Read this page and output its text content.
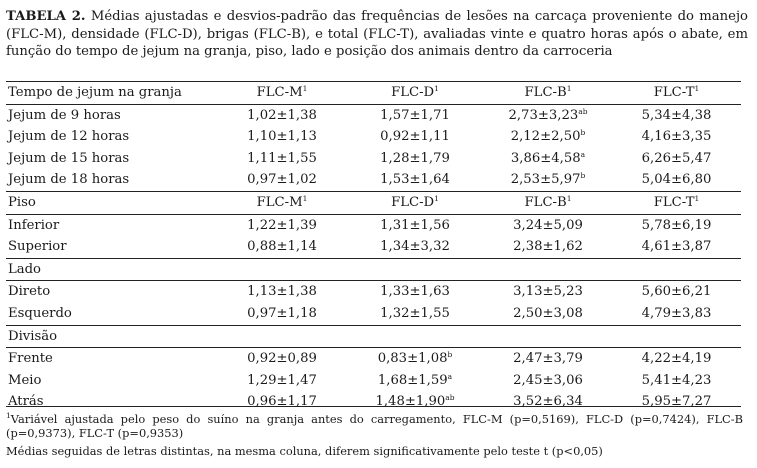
TABELA 2. Médias ajustadas e desvios-padrão das frequências de lesões na carcaça proveniente do manejo (FLC-M), densidade (FLC-D), brigas (FLC-B), e total (FLC-T), avaliadas vinte e quatro horas após o abate, em função do tempo de jejum na granja, piso, lado e posição dos animais dentro da carroceria
Tempo de jejum na granja	FLC-$M^1$	FLC-$D^1$	FLC-$B^1$	FLC-$T^1$
Jejum de 9 horas	1,02±1,38	1,57±1,71	2,73±3,23$^{ab}$	5,34±4,38
Jejum de 12 horas	1,10±1,13	0,92±1,11	2,12±2,50$^b$	4,16±3,35
Jejum de 15 horas	1,11±1,55	1,28±1,79	3,86±4,58$^a$	6,26±5,47
Jejum de 18 horas	0,97±1,02	1,53±1,64	2,53±5,97$^b$	5,04±6,80
Piso	FLC-$M^1$	FLC-$D^1$	FLC-$B^1$	FLC-$T^1$
Inferior	1,22±1,39	1,31±1,56	3,24±5,09	5,78±6,19
Superior	0,88±1,14	1,34±3,32	2,38±1,62	4,61±3,87
Lado				
Direto	1,13±1,38	1,33±1,63	3,13±5,23	5,60±6,21
Esquerdo	0,97±1,18	1,32±1,55	2,50±3,08	4,79±3,83
Divisão				
Frente	0,92±0,89	0,83±1,08$^b$	2,47±3,79	4,22±4,19
Meio	1,29±1,47	1,68±1,59$^a$	2,45±3,06	5,41±4,23
Atrás	0,96±1,17	1,48±1,90$^{ab}$	3,52±6,34	5,95±7,27
$^1$Variável ajustada pelo peso do suíno na granja antes do carregamento, FLC-M (p=0,5169), FLC-D (p=0,7424), FLC-B (p=0,9373), FLC-T (p=0,9353)
Médias seguidas de letras distintas, na mesma coluna, diferem significativamente pelo teste t (p<0,05)
